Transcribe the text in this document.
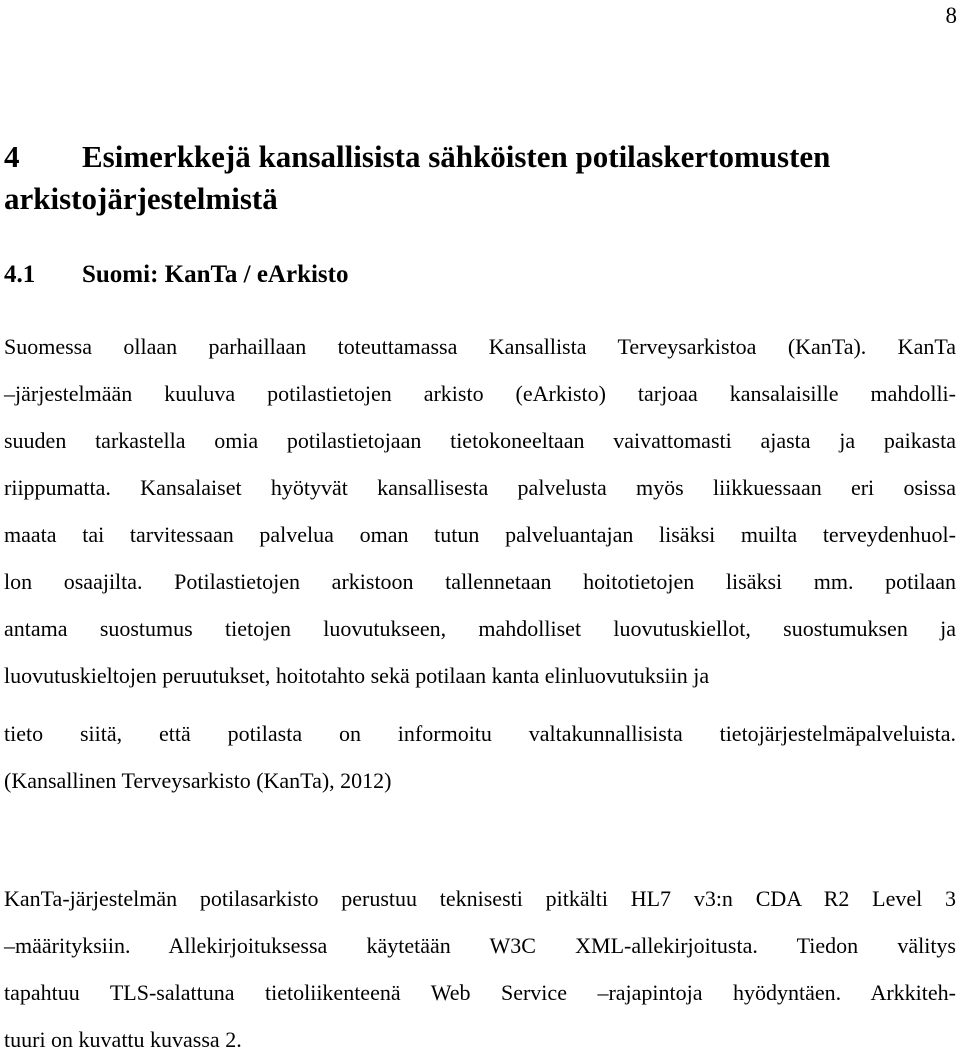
8
4 Esimerkkejä kansallisista sähköisten potilaskertomusten
arkistojärjestelmistä
4.1 Suomi: KanTa / eArkisto
Suomessa ollaan parhaillaan toteuttamassa Kansallista Terveysarkistoa (KanTa). KanTa
–järjestelmään kuuluva potilastietojen arkisto (eArkisto) tarjoaa kansalaisille mahdolli-
suuden tarkastella omia potilastietojaan tietokoneeltaan vaivattomasti ajasta ja paikasta
riippumatta. Kansalaiset hyötyvät kansallisesta palvelusta myös liikkuessaan eri osissa
maata tai tarvitessaan palvelua oman tutun palveluantajan lisäksi muilta terveydenhuol-
lon osaajilta. Potilastietojen arkistoon tallennetaan hoitotietojen lisäksi mm. potilaan
antama suostumus tietojen luovutukseen, mahdolliset luovutuskiellot, suostumuksen ja
luovutuskieltojen peruutukset, hoitotahto sekä potilaan kanta elinluovutuksiin ja
tieto siitä, että potilasta on informoitu valtakunnallisista tietojärjestelmäpalveluista.
(Kansallinen Terveysarkisto (KanTa), 2012)
KanTa-järjestelmän potilasarkisto perustuu teknisesti pitkälti HL7 v3:n CDA R2 Level 3
–määrityksiin. Allekirjoituksessa käytetään W3C XML-allekirjoitusta. Tiedon välitys
tapahtuu TLS-salattuna tietoliikenteenä Web Service –rajapintoja hyödyntäen. Arkkiteh-
tuuri on kuvattu kuvassa 2.
